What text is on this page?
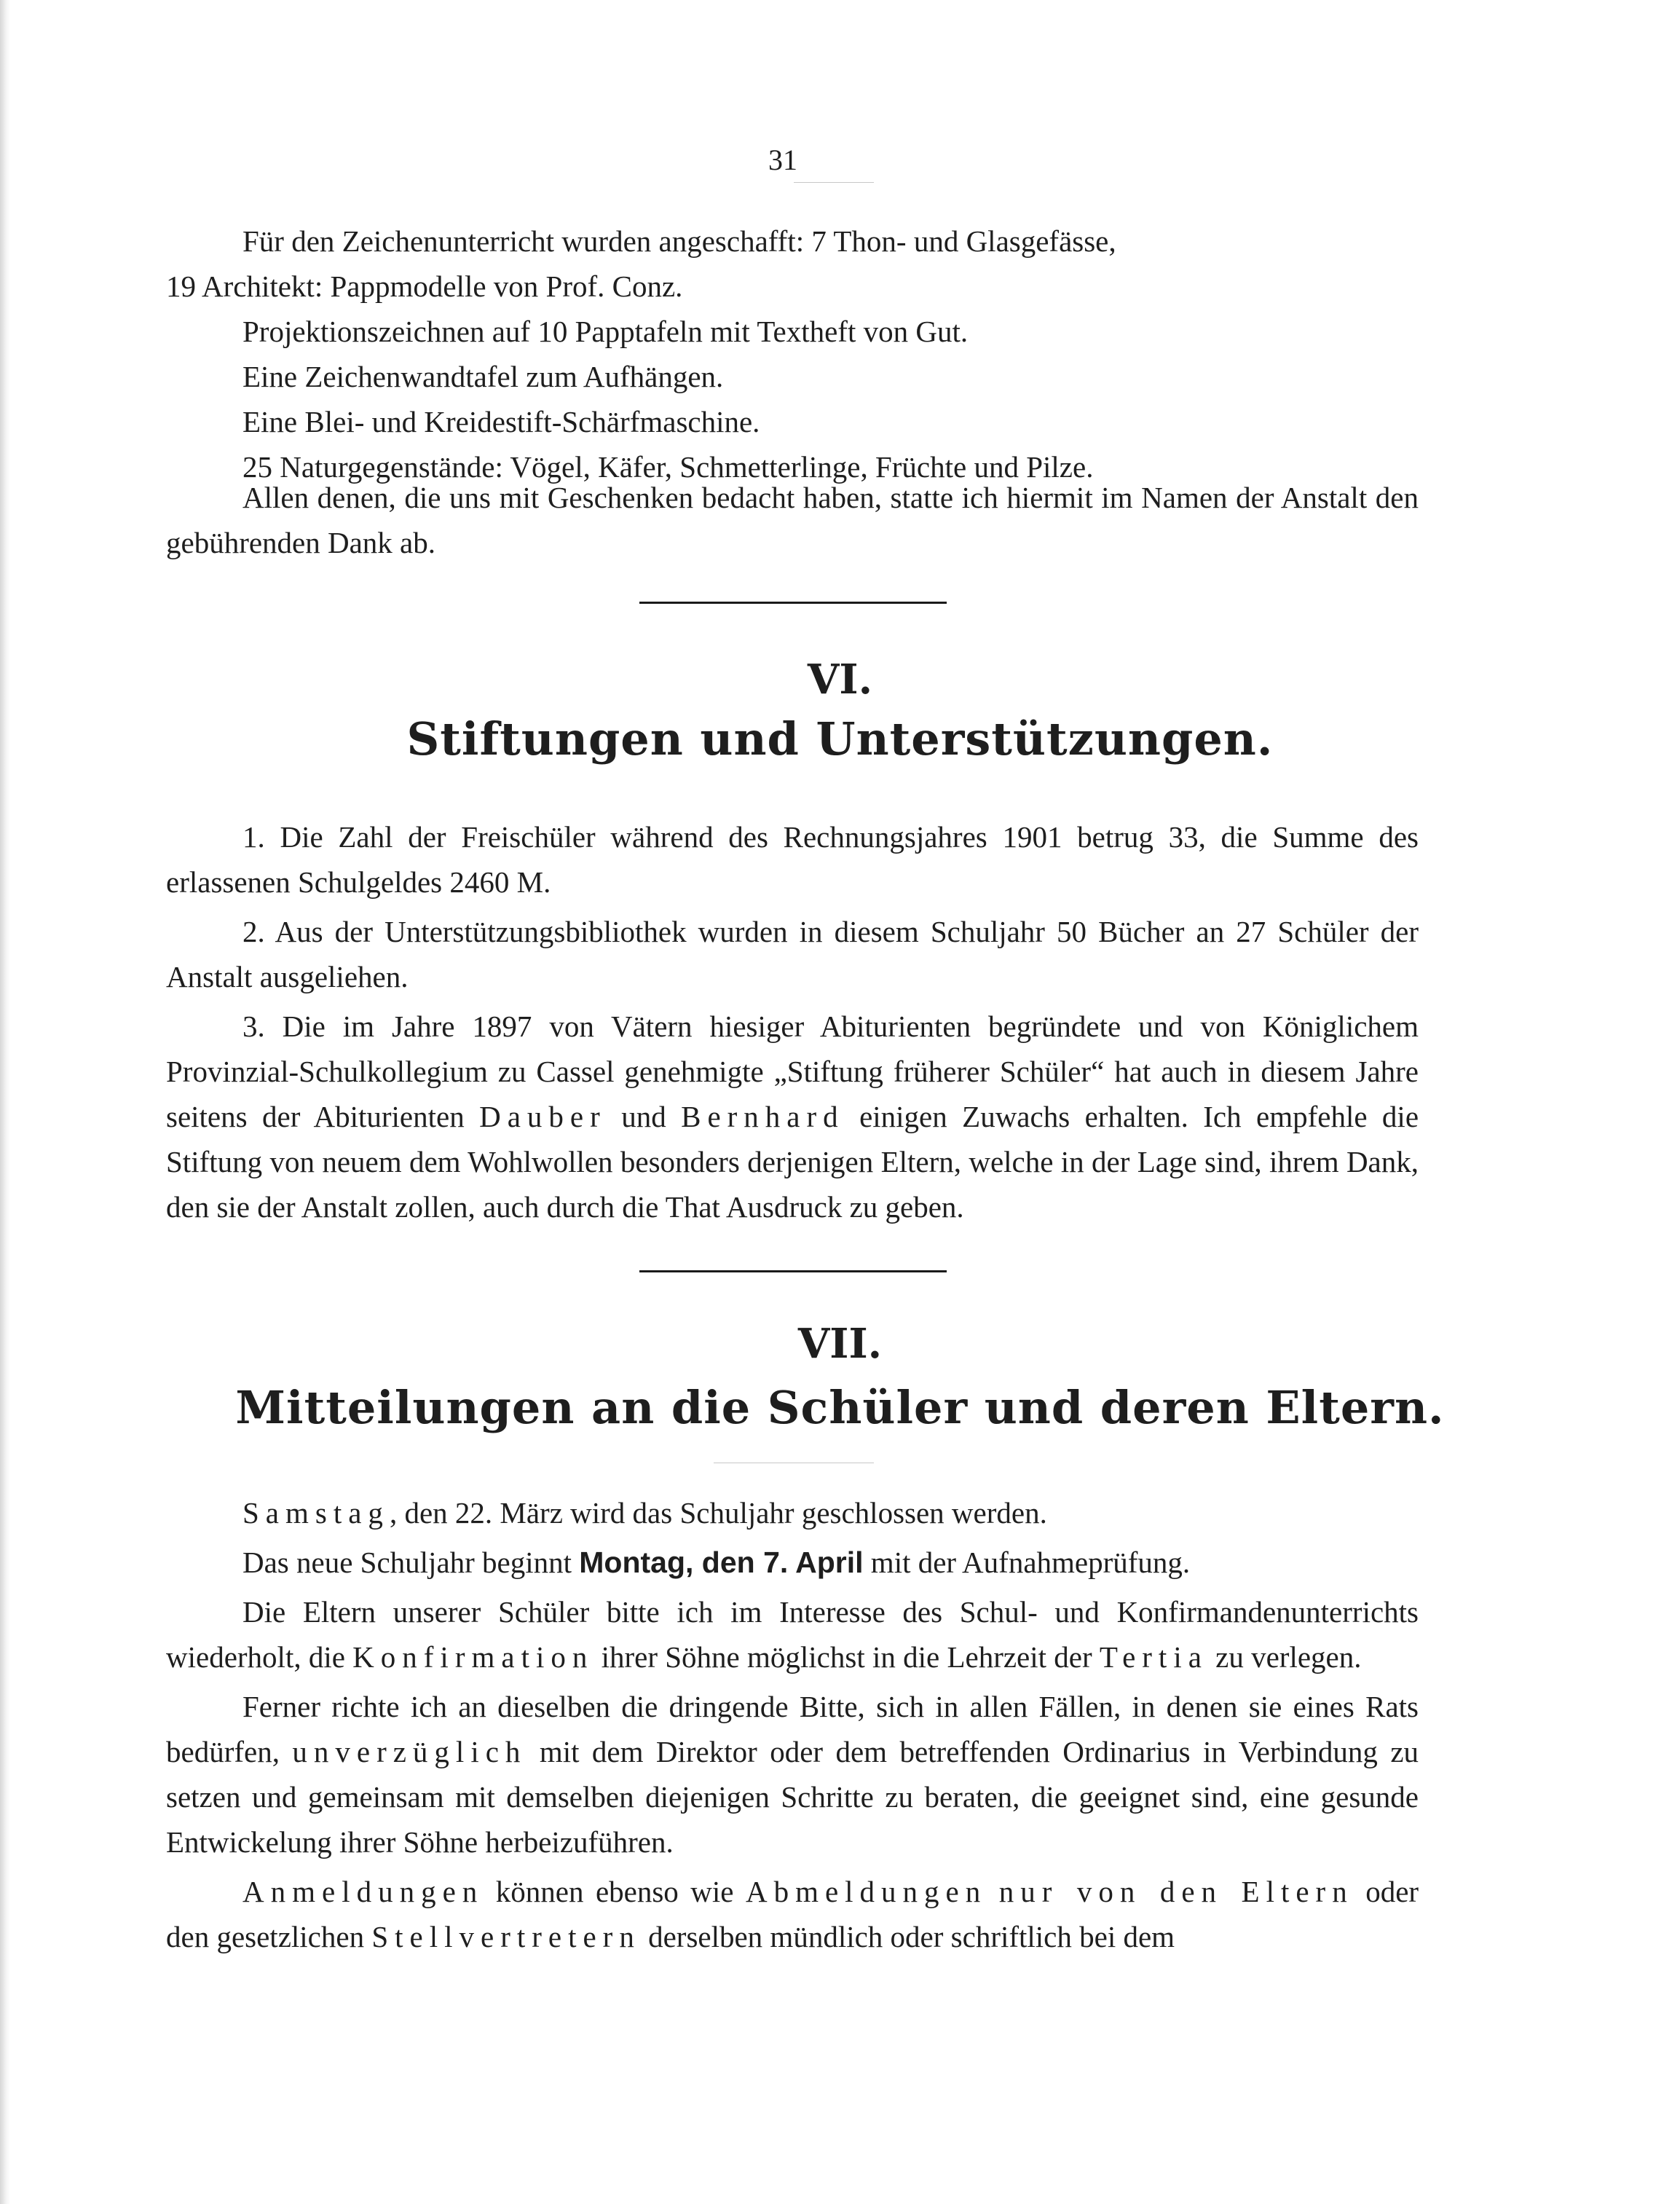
31
Für den Zeichenunterricht wurden angeschafft: 7 Thon- und Glasgefässe,
19 Architekt: Pappmodelle von Prof. Conz.
Projektionszeichnen auf 10 Papptafeln mit Textheft von Gut.
Eine Zeichenwandtafel zum Aufhängen.
Eine Blei- und Kreidestift-Schärfmaschine.
25 Naturgegenstände: Vögel, Käfer, Schmetterlinge, Früchte und Pilze.

Allen denen, die uns mit Geschenken bedacht haben, statte ich hiermit im Namen der Anstalt den gebührenden Dank ab.

VI.
Stiftungen und Unterstützungen.

1. Die Zahl der Freischüler während des Rechnungsjahres 1901 betrug 33, die Summe des erlassenen Schulgeldes 2460 M.

2. Aus der Unterstützungsbibliothek wurden in diesem Schuljahr 50 Bücher an 27 Schüler der Anstalt ausgeliehen.

3. Die im Jahre 1897 von Vätern hiesiger Abiturienten begründete und von Königlichem Provinzial-Schulkollegium zu Cassel genehmigte „Stiftung früherer Schüler“ hat auch in diesem Jahre seitens der Abiturienten Dauber und Bernhard einigen Zuwachs erhalten. Ich empfehle die Stiftung von neuem dem Wohlwollen besonders derjenigen Eltern, welche in der Lage sind, ihrem Dank, den sie der Anstalt zollen, auch durch die That Ausdruck zu geben.

VII.
Mitteilungen an die Schüler und deren Eltern.

Samstag, den 22. März wird das Schuljahr geschlossen werden.

Das neue Schuljahr beginnt Montag, den 7. April mit der Aufnahmeprüfung.

Die Eltern unserer Schüler bitte ich im Interesse des Schul- und Konfirmandenunterrichts wiederholt, die Konfirmation ihrer Söhne möglichst in die Lehrzeit der Tertia zu verlegen.

Ferner richte ich an dieselben die dringende Bitte, sich in allen Fällen, in denen sie eines Rats bedürfen, unverzüglich mit dem Direktor oder dem betreffenden Ordinarius in Verbindung zu setzen und gemeinsam mit demselben diejenigen Schritte zu beraten, die geeignet sind, eine gesunde Entwickelung ihrer Söhne herbeizuführen.

Anmeldungen können ebenso wie Abmeldungen nur von den Eltern oder den gesetzlichen Stellvertretern derselben mündlich oder schriftlich bei dem
